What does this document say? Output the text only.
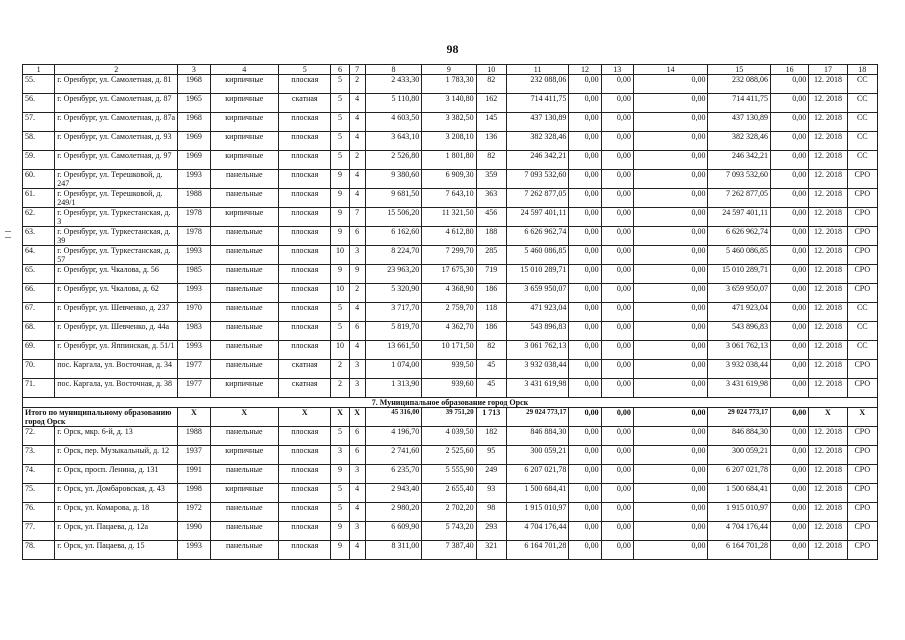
98
1	2	3	4	5	6	7	8	9	10	11	12	13	14	15	16	17	18
55.	г. Оренбург, ул. Самолетная, д. 81	1968	кирпичные	плоская	5	2	2 433,30	1 783,30	82	232 088,06	0,00	0,00	0,00	232 088,06	0,00	12. 2018	СС
56.	г. Оренбург, ул. Самолетная, д. 87	1965	кирпичные	скатная	5	4	5 110,80	3 140,80	162	714 411,75	0,00	0,00	0,00	714 411,75	0,00	12. 2018	СС
57.	г. Оренбург, ул. Самолетная, д. 87а	1968	кирпичные	плоская	5	4	4 603,50	3 382,50	145	437 130,89	0,00	0,00	0,00	437 130,89	0,00	12. 2018	СС
58.	г. Оренбург, ул. Самолетная, д. 93	1969	кирпичные	плоская	5	4	3 643,10	3 208,10	136	382 328,46	0,00	0,00	0,00	382 328,46	0,00	12. 2018	СС
59.	г. Оренбург, ул. Самолетная, д. 97	1969	кирпичные	плоская	5	2	2 526,80	1 801,80	82	246 342,21	0,00	0,00	0,00	246 342,21	0,00	12. 2018	СС
60.	г. Оренбург, ул. Терешковой, д. 247	1993	панельные	плоская	9	4	9 380,60	6 909,30	359	7 093 532,60	0,00	0,00	0,00	7 093 532,60	0,00	12. 2018	СРО
61.	г. Оренбург, ул. Терешковой, д. 249/1	1988	панельные	плоская	9	4	9 681,50	7 643,10	363	7 262 877,05	0,00	0,00	0,00	7 262 877,05	0,00	12. 2018	СРО
62.	г. Оренбург, ул. Туркестанская, д. 3	1978	кирпичные	плоская	9	7	15 506,20	11 321,50	456	24 597 401,11	0,00	0,00	0,00	24 597 401,11	0,00	12. 2018	СРО
63.	г. Оренбург, ул. Туркестанская, д. 39	1978	панельные	плоская	9	6	6 162,60	4 612,80	188	6 626 962,74	0,00	0,00	0,00	6 626 962,74	0,00	12. 2018	СРО
64.	г. Оренбург, ул. Туркестанская, д. 57	1993	панельные	плоская	10	3	8 224,70	7 299,70	285	5 460 086,85	0,00	0,00	0,00	5 460 086,85	0,00	12. 2018	СРО
65.	г. Оренбург, ул. Чкалова, д. 56	1985	панельные	плоская	9	9	23 963,20	17 675,30	719	15 010 289,71	0,00	0,00	0,00	15 010 289,71	0,00	12. 2018	СРО
66.	г. Оренбург, ул. Чкалова, д. 62	1993	панельные	плоская	10	2	5 320,90	4 368,90	186	3 659 950,07	0,00	0,00	0,00	3 659 950,07	0,00	12. 2018	СРО
67.	г. Оренбург, ул. Шевченко, д. 237	1970	панельные	плоская	5	4	3 717,70	2 759,70	118	471 923,04	0,00	0,00	0,00	471 923,04	0,00	12. 2018	СС
68.	г. Оренбург, ул. Шевченко, д. 44а	1983	панельные	плоская	5	6	5 819,70	4 362,70	186	543 896,83	0,00	0,00	0,00	543 896,83	0,00	12. 2018	СС
69.	г. Оренбург, ул. Яппинская, д. 51/1	1993	панельные	плоская	10	4	13 661,50	10 171,50	82	3 061 762,13	0,00	0,00	0,00	3 061 762,13	0,00	12. 2018	СС
70.	пос. Каргала, ул. Восточная, д. 34	1977	панельные	скатная	2	3	1 074,00	939,50	45	3 932 038,44	0,00	0,00	0,00	3 932 038,44	0,00	12. 2018	СРО
71.	пос. Каргала, ул. Восточная, д. 38	1977	кирпичные	скатная	2	3	1 313,90	939,60	45	3 431 619,98	0,00	0,00	0,00	3 431 619,98	0,00	12. 2018	СРО
7. Муниципальное образование город Орск																	
Итого по муниципальному образованию город Орск		X	X	X	X	X	45 316,00	39 751,20	1 713	29 024 773,17	0,00	0,00	0,00	29 024 773,17	0,00	X	X
72.	г. Орск, мкр. 6-й, д. 13	1988	панельные	плоская	5	6	4 196,70	4 039,50	182	846 884,30	0,00	0,00	0,00	846 884,30	0,00	12. 2018	СРО
73.	г. Орск, пер. Музыкальный, д. 12	1937	кирпичные	плоская	3	6	2 741,60	2 525,60	95	300 059,21	0,00	0,00	0,00	300 059,21	0,00	12. 2018	СРО
74.	г. Орск, просп. Ленина, д. 131	1991	панельные	плоская	9	3	6 235,70	5 555,90	249	6 207 021,78	0,00	0,00	0,00	6 207 021,78	0,00	12. 2018	СРО
75.	г. Орск, ул. Домбаровская, д. 43	1998	кирпичные	плоская	5	4	2 943,40	2 655,40	93	1 500 684,41	0,00	0,00	0,00	1 500 684,41	0,00	12. 2018	СРО
76.	г. Орск, ул. Комарова, д. 18	1972	панельные	плоская	5	4	2 980,20	2 702,20	98	1 915 010,97	0,00	0,00	0,00	1 915 010,97	0,00	12. 2018	СРО
77.	г. Орск, ул. Пацаева, д. 12а	1990	панельные	плоская	9	3	6 609,90	5 743,20	293	4 704 176,44	0,00	0,00	0,00	4 704 176,44	0,00	12. 2018	СРО
78.	г. Орск, ул. Пацаева, д. 15	1993	панельные	плоская	9	4	8 311,00	7 387,40	321	6 164 701,28	0,00	0,00	0,00	6 164 701,28	0,00	12. 2018	СРО
